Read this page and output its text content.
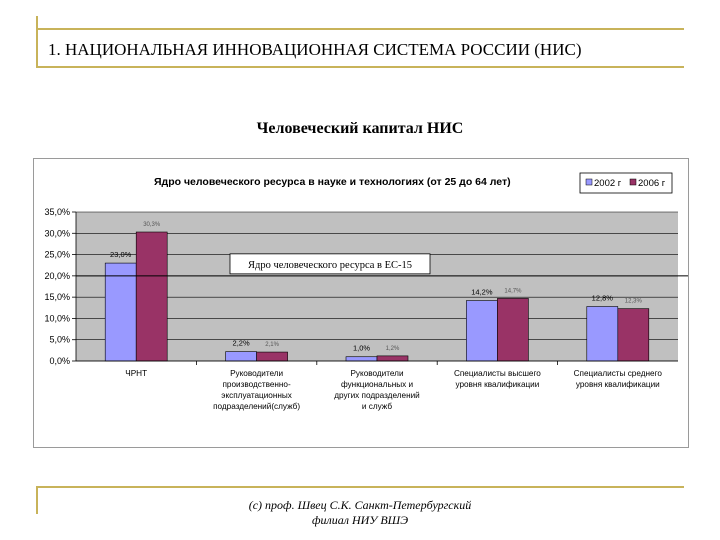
1. НАЦИОНАЛЬНАЯ ИННОВАЦИОННАЯ СИСТЕМА РОССИИ (НИС)
Человеческий капитал НИС
23,0%
30,3%
2,2%	2,1%	1,0%	1,2%
14,2% 14,7%
12,8% 12,3%
Ядро человеческого ресурса в ЕС-15
0,0%
5,0%
10,0%
15,0%
20,0%
25,0%
30,0%
35,0%
ЧРНТ	Руководители
производственно-
эксплуатационных
подразделений(служб)
Руководители
функциональных и
других подразделений
и служб
Специалисты высшего
уровня квалификации
Специалисты среднего
уровня квалификации
Ядро человеческого ресурса в науке и технологиях (от 25 до 64 лет)	2002 г 2006 г
(c) проф. Швец С.К. Санкт-Петербургский
филиал НИУ ВШЭ
